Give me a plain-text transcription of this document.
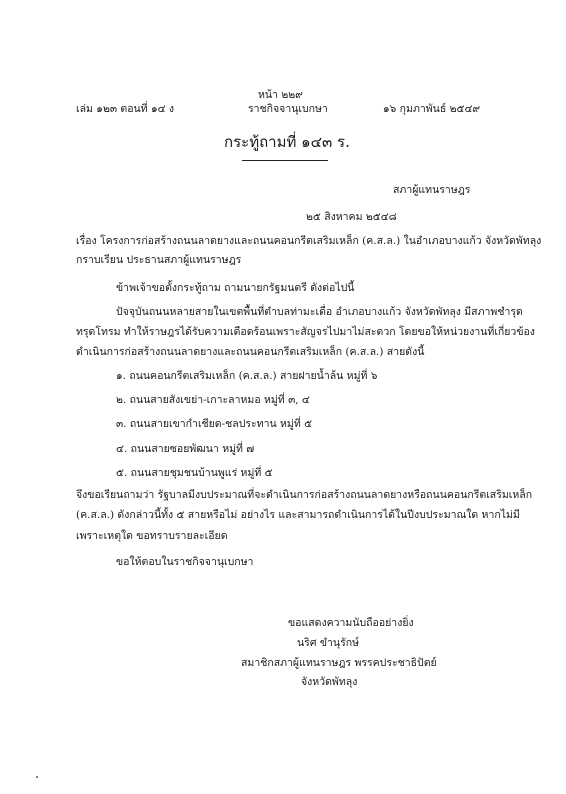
หน้า ๒๒๙
เล่ม ๑๒๓ ตอนที่ ๑๔ ง	ราชกิจจานุเบกษา	๑๖ กุมภาพันธ์ ๒๕๔๙
กระทู้ถามที่ ๑๔๓ ร.
สภาผู้แทนราษฎร
๒๕ สิงหาคม ๒๕๔๘
เรื่อง โครงการก่อสร้างถนนลาดยางและถนนคอนกรีตเสริมเหล็ก (ค.ส.ล.) ในอำเภอบางแก้ว จังหวัดพัทลุง
กราบเรียน ประธานสภาผู้แทนราษฎร
ข้าพเจ้าขอตั้งกระทู้ถาม ถามนายกรัฐมนตรี ดังต่อไปนี้
ปัจจุบันถนนหลายสายในเขตพื้นที่ตำบลท่ามะเดื่อ อำเภอบางแก้ว จังหวัดพัทลุง มีสภาพชำรุด
ทรุดโทรม ทำให้ราษฎรได้รับความเดือดร้อนเพราะสัญจรไปมาไม่สะดวก โดยขอให้หน่วยงานที่เกี่ยวข้อง
ดำเนินการก่อสร้างถนนลาดยางและถนนคอนกรีตเสริมเหล็ก (ค.ส.ล.) สายดังนี้
๑. ถนนคอนกรีตเสริมเหล็ก (ค.ส.ล.) สายฝายน้ำล้น หมู่ที่ ๖
๒. ถนนสายสังเขย่า-เกาะลาหมอ หมู่ที่ ๓, ๔
๓. ถนนสายเขากำเชียด-ชลประทาน หมู่ที่ ๕
๔. ถนนสายซอยพัฒนา หมู่ที่ ๗
๕. ถนนสายชุมชนบ้านพูแร่ หมู่ที่ ๕
จึงขอเรียนถามว่า รัฐบาลมีงบประมาณที่จะดำเนินการก่อสร้างถนนลาดยางหรือถนนคอนกรีตเสริมเหล็ก
(ค.ส.ล.) ดังกล่าวนี้ทั้ง ๕ สายหรือไม่ อย่างไร และสามารถดำเนินการได้ในปีงบประมาณใด หากไม่มี
เพราะเหตุใด ขอทราบรายละเอียด
ขอให้ตอบในราชกิจจานุเบกษา
ขอแสดงความนับถืออย่างยิ่ง
นริศ ขำนุรักษ์
สมาชิกสภาผู้แทนราษฎร พรรคประชาธิปัตย์
จังหวัดพัทลุง
